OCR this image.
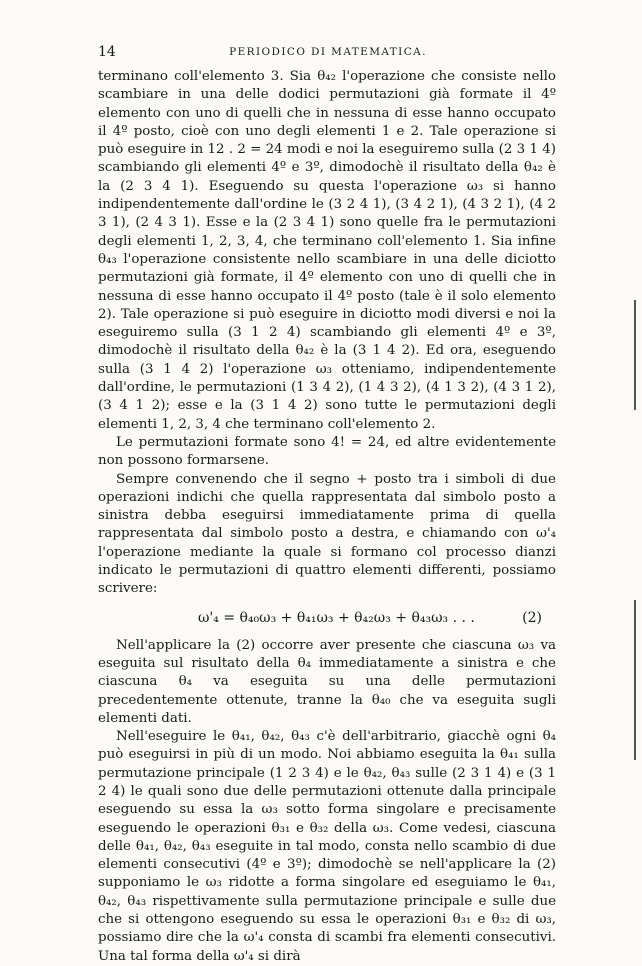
14	PERIODICO DI MATEMATICA.

terminano coll'elemento 3. Sia θ₄₂ l'operazione che consiste nello scambiare in una delle dodici permutazioni già formate il 4º elemento con uno di quelli che in nessuna di esse hanno occupato il 4º posto, cioè con uno degli elementi 1 e 2. Tale operazione si può eseguire in 12 . 2 = 24 modi e noi la eseguiremo sulla (2 3 1 4) scambiando gli elementi 4º e 3º, dimodochè il risultato della θ₄₂ è la (2 3 4 1). Eseguendo su questa l'operazione ω₃ si hanno indipendentemente dall'ordine le (3 2 4 1), (3 4 2 1), (4 3 2 1), (4 2 3 1), (2 4 3 1). Esse e la (2 3 4 1) sono quelle fra le permutazioni degli elementi 1, 2, 3, 4, che terminano coll'elemento 1. Sia infine θ₄₃ l'operazione consistente nello scambiare in una delle diciotto permutazioni già formate, il 4º elemento con uno di quelli che in nessuna di esse hanno occupato il 4º posto (tale è il solo elemento 2). Tale operazione si può eseguire in diciotto modi diversi e noi la eseguiremo sulla (3 1 2 4) scambiando gli elementi 4º e 3º, dimodochè il risultato della θ₄₂ è la (3 1 4 2). Ed ora, eseguendo sulla (3 1 4 2) l'operazione ω₃ otteniamo, indipendentemente dall'ordine, le permutazioni (1 3 4 2), (1 4 3 2), (4 1 3 2), (4 3 1 2), (3 4 1 2); esse e la (3 1 4 2) sono tutte le permutazioni degli elementi 1, 2, 3, 4 che terminano coll'elemento 2.

Le permutazioni formate sono 4! = 24, ed altre evidentemente non possono formarsene.

Sempre convenendo che il segno + posto tra i simboli di due operazioni indichi che quella rappresentata dal simbolo posto a sinistra debba eseguirsi immediatamente prima di quella rappresentata dal simbolo posto a destra, e chiamando con ω'₄ l'operazione mediante la quale si formano col processo dianzi indicato le permutazioni di quattro elementi differenti, possiamo scrivere:

ω'₄ = θ₄₀ω₃ + θ₄₁ω₃ + θ₄₂ω₃ + θ₄₃ω₃ . . .	(2)

Nell'applicare la (2) occorre aver presente che ciascuna ω₃ va eseguita sul risultato della θ₄ immediatamente a sinistra e che ciascuna θ₄ va eseguita su una delle permutazioni precedentemente ottenute, tranne la θ₄₀ che va eseguita sugli elementi dati.

Nell'eseguire le θ₄₁, θ₄₂, θ₄₃ c'è dell'arbitrario, giacchè ogni θ₄ può eseguirsi in più di un modo. Noi abbiamo eseguita la θ₄₁ sulla permutazione principale (1 2 3 4) e le θ₄₂, θ₄₃ sulle (2 3 1 4) e (3 1 2 4) le quali sono due delle permutazioni ottenute dalla principale eseguendo su essa la ω₃ sotto forma singolare e precisamente eseguendo le operazioni θ₃₁ e θ₃₂ della ω₃. Come vedesi, ciascuna delle θ₄₁, θ₄₂, θ₄₃ eseguite in tal modo, consta nello scambio di due elementi consecutivi (4º e 3º); dimodochè se nell'applicare la (2) supponiamo le ω₃ ridotte a forma singolare ed eseguiamo le θ₄₁, θ₄₂, θ₄₃ rispettivamente sulla permutazione principale e sulle due che si ottengono eseguendo su essa le operazioni θ₃₁ e θ₃₂ di ω₃, possiamo dire che la ω'₄ consta di scambi fra elementi consecutivi. Una tal forma della ω'₄ si dirà
